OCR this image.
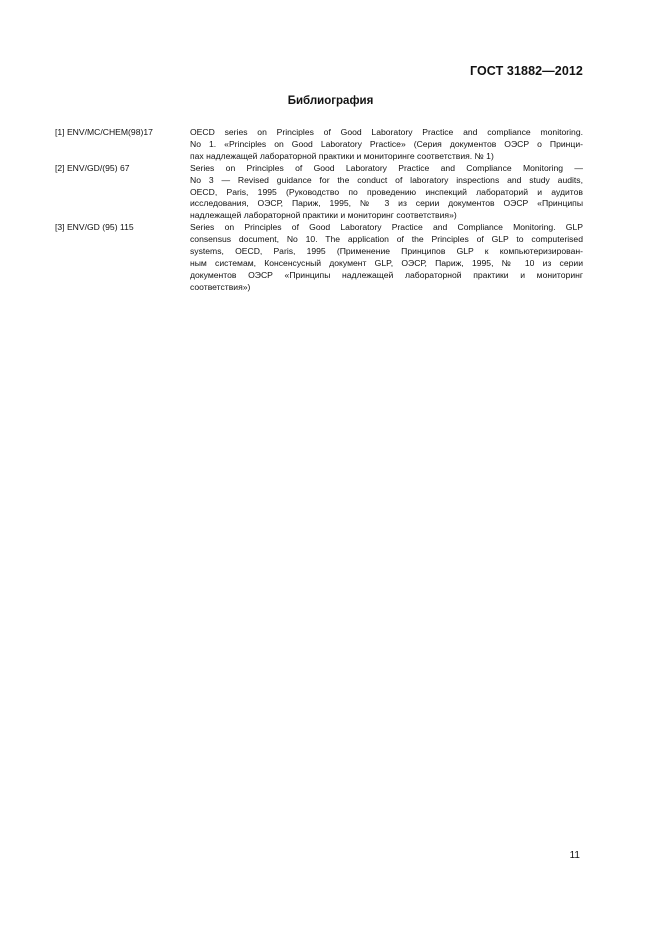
ГОСТ 31882—2012
Библиография
[1] ENV/MC/CHEM(98)17	OECD series on Principles of Good Laboratory Practice and compliance monitoring.
No 1. «Principles on Good Laboratory Practice» (Серия документов ОЭСР о Принци-
пах надлежащей лабораторной практики и мониторинге соответствия. № 1)
[2] ENV/GD/(95) 67	Series on Principles of Good Laboratory Practice and Compliance Monitoring —
No 3 — Revised guidance for the conduct of laboratory inspections and study audits,
OECD, Paris, 1995 (Руководство по проведению инспекций лабораторий и аудитов
исследования, ОЭСР, Париж, 1995, № 3 из серии документов ОЭСР «Принципы
надлежащей лабораторной практики и мониторинг соответствия»)
[3] ENV/GD (95) 115	Series on Principles of Good Laboratory Practice and Compliance Monitoring. GLP
consensus document, No 10. The application of the Principles of GLP to computerised
systems, OECD, Paris, 1995 (Применение Принципов GLP к компьютеризирован-
ным системам, Консенсусный документ GLP, ОЭСР, Париж, 1995, № 10 из серии
документов ОЭСР «Принципы надлежащей лабораторной практики и мониторинг
соответствия»)
11
